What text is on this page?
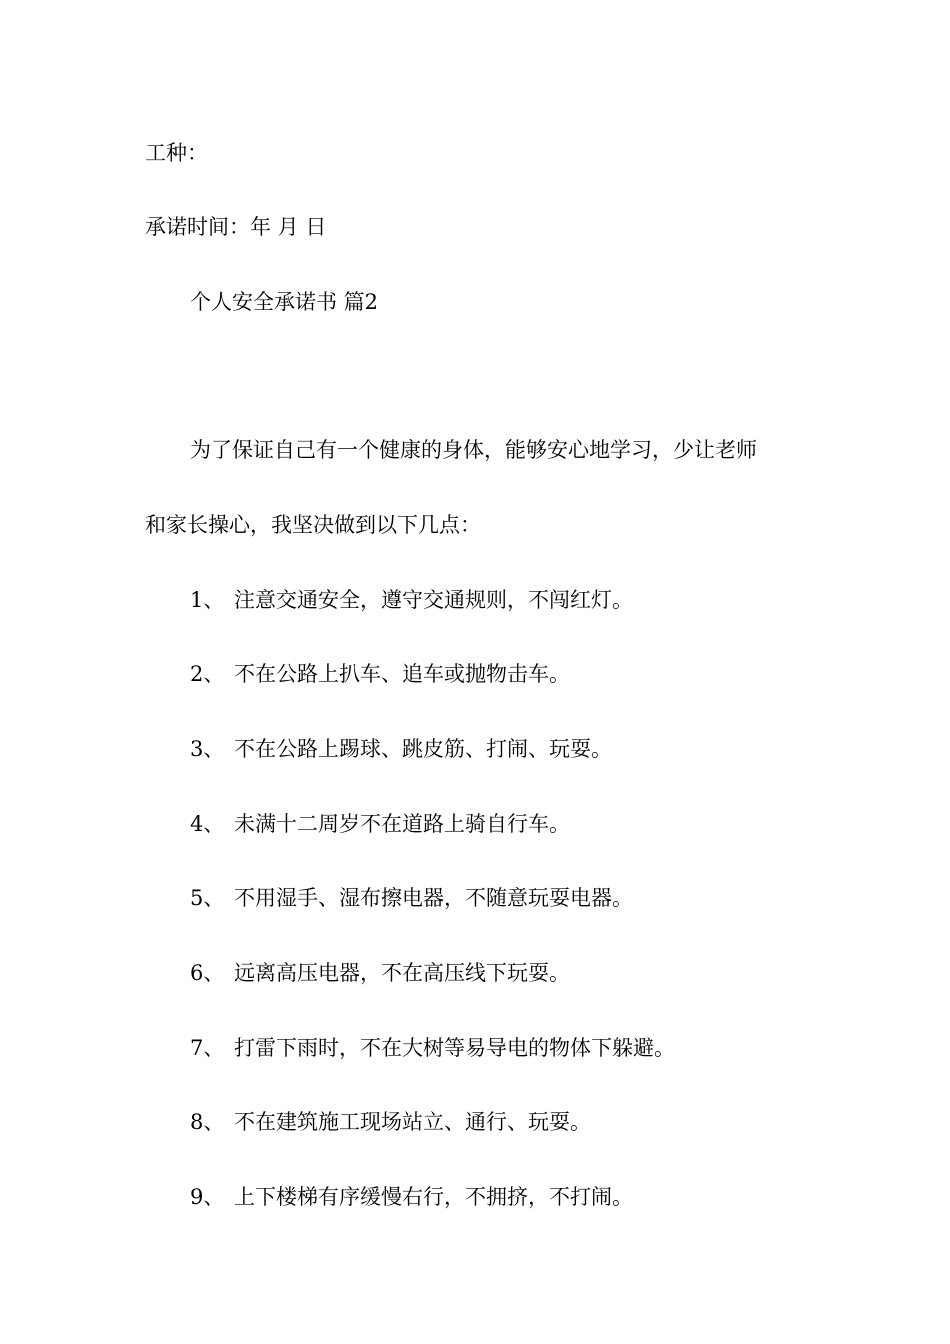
工种：
承诺时间：年 月 日
个人安全承诺书 篇2
为了保证自己有一个健康的身体，能够安心地学习，少让老师
和家长操心，我坚决做到以下几点：
1、 注意交通安全，遵守交通规则，不闯红灯。
2、 不在公路上扒车、追车或抛物击车。
3、 不在公路上踢球、跳皮筋、打闹、玩耍。
4、 未满十二周岁不在道路上骑自行车。
5、 不用湿手、湿布擦电器，不随意玩耍电器。
6、 远离高压电器，不在高压线下玩耍。
7、 打雷下雨时，不在大树等易导电的物体下躲避。
8、 不在建筑施工现场站立、通行、玩耍。
9、 上下楼梯有序缓慢右行，不拥挤，不打闹。
